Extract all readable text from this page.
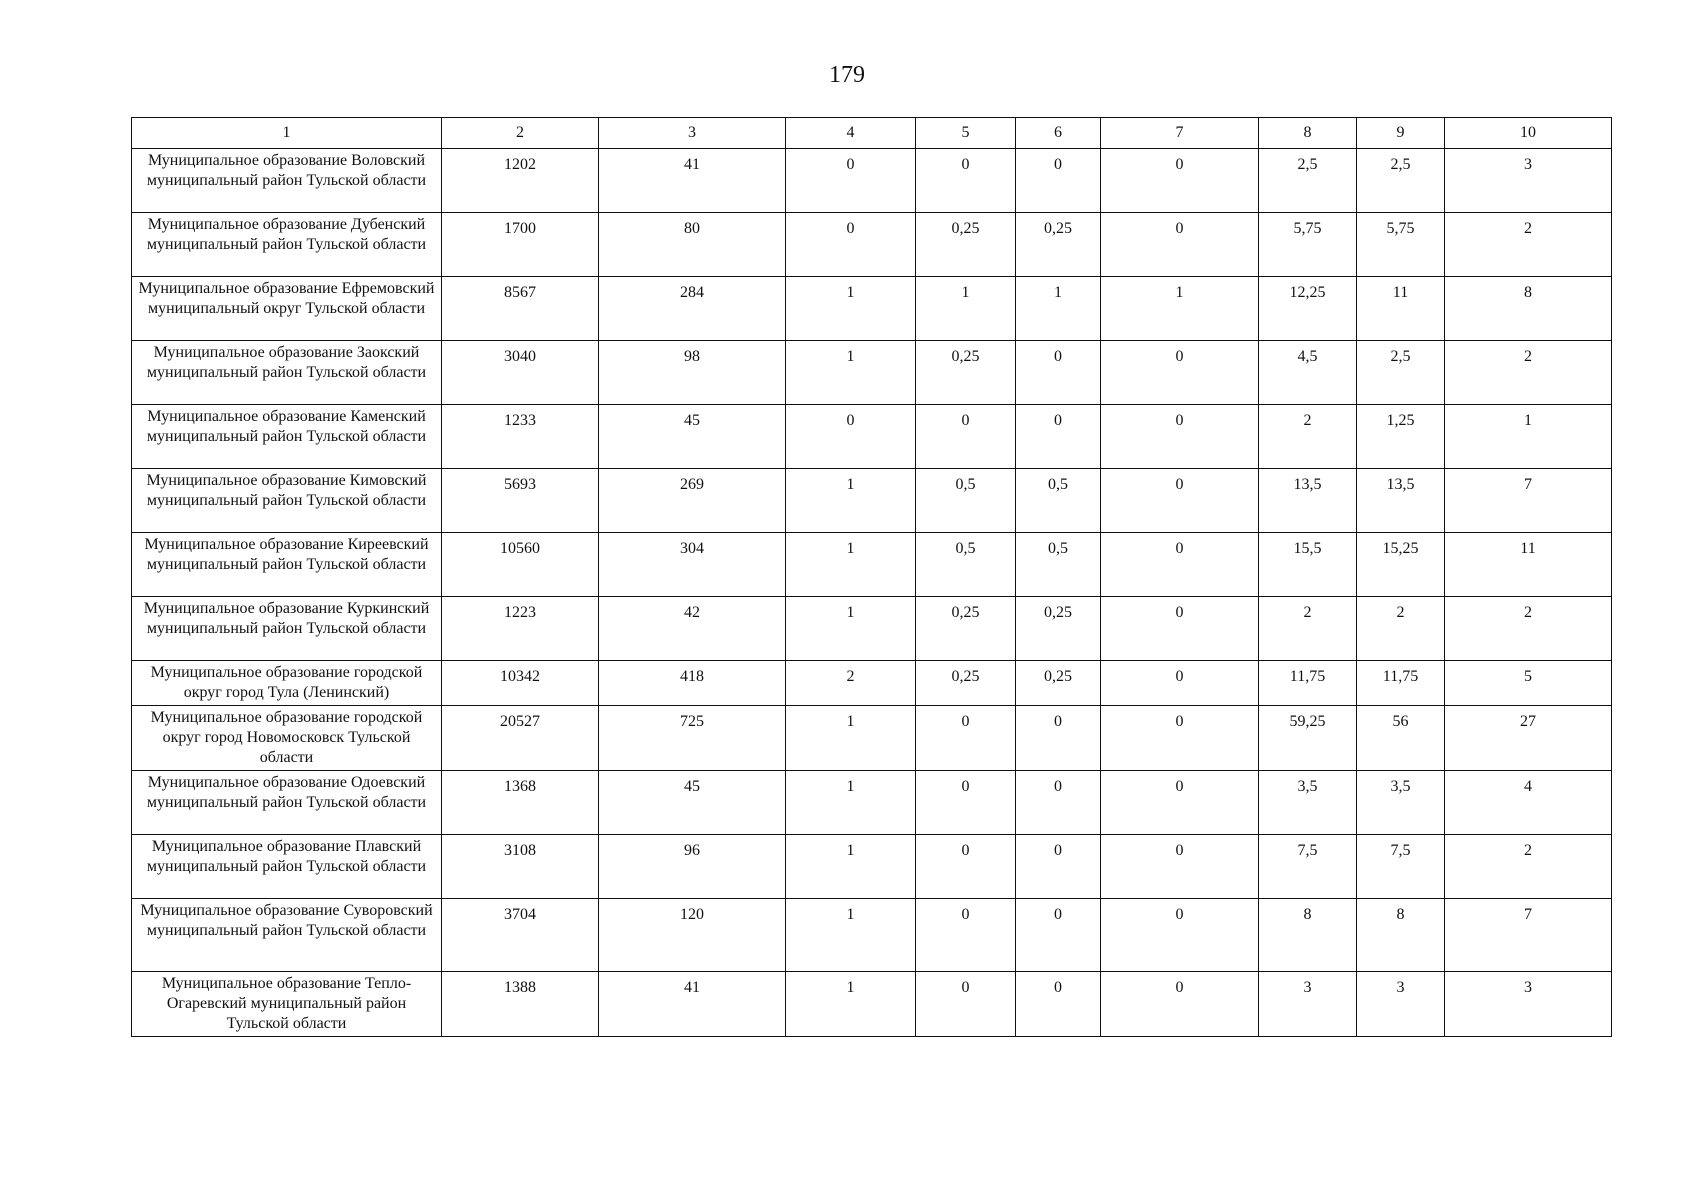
179
1	2	3	4	5	6	7	8	9	10
Муниципальное образование Воловский муниципальный район Тульской области	1202	41	0	0	0	0	2,5	2,5	3
Муниципальное образование Дубенский муниципальный район Тульской области	1700	80	0	0,25	0,25	0	5,75	5,75	2
Муниципальное образование Ефремовский муниципальный округ Тульской области	8567	284	1	1	1	1	12,25	11	8
Муниципальное образование Заокский муниципальный район Тульской области	3040	98	1	0,25	0	0	4,5	2,5	2
Муниципальное образование Каменский муниципальный район Тульской области	1233	45	0	0	0	0	2	1,25	1
Муниципальное образование Кимовский муниципальный район Тульской области	5693	269	1	0,5	0,5	0	13,5	13,5	7
Муниципальное образование Киреевский муниципальный район Тульской области	10560	304	1	0,5	0,5	0	15,5	15,25	11
Муниципальное образование Куркинский муниципальный район Тульской области	1223	42	1	0,25	0,25	0	2	2	2
Муниципальное образование городской округ город Тула (Ленинский)	10342	418	2	0,25	0,25	0	11,75	11,75	5
Муниципальное образование городской округ город Новомосковск Тульской области	20527	725	1	0	0	0	59,25	56	27
Муниципальное образование Одоевский муниципальный район Тульской области	1368	45	1	0	0	0	3,5	3,5	4
Муниципальное образование Плавский муниципальный район Тульской области	3108	96	1	0	0	0	7,5	7,5	2
Муниципальное образование Суворовский муниципальный район Тульской области	3704	120	1	0	0	0	8	8	7
Муниципальное образование Тепло-Огаревский муниципальный район Тульской области	1388	41	1	0	0	0	3	3	3
